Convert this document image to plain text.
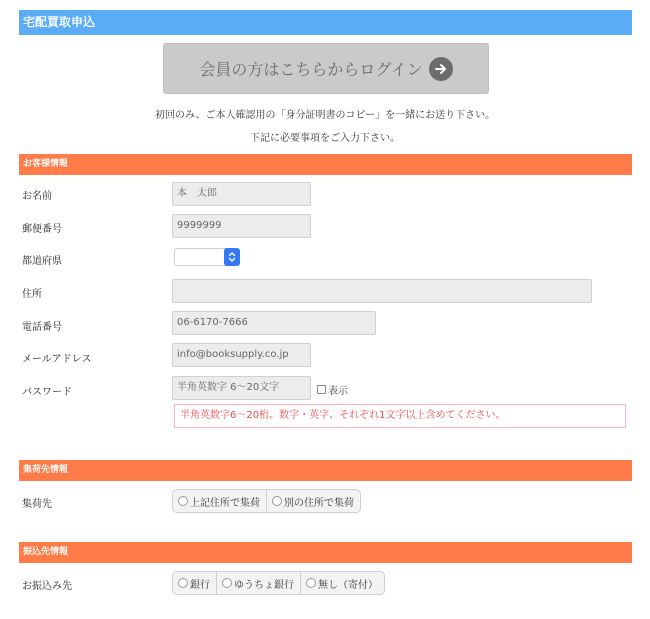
宅配買取申込
会員の方はこちらからログイン
初回のみ、ご本人確認用の「身分証明書のコピー」を一緒にお送り下さい。
下記に必要事項をご入力下さい。
お客様情報
お名前	本　太郎
郵便番号	9999999
都道府県
住所
電話番号	06-6170-7666
メールアドレス	info@booksupply.co.jp
パスワード	半角英数字 6〜20文字	表示
半角英数字6〜20桁。数字・英字、それぞれ1文字以上含めてください。
集荷先情報
集荷先	上記住所で集荷 別の住所で集荷
振込先情報
お振込み先	銀行 ゆうちょ銀行 無し（寄付）
